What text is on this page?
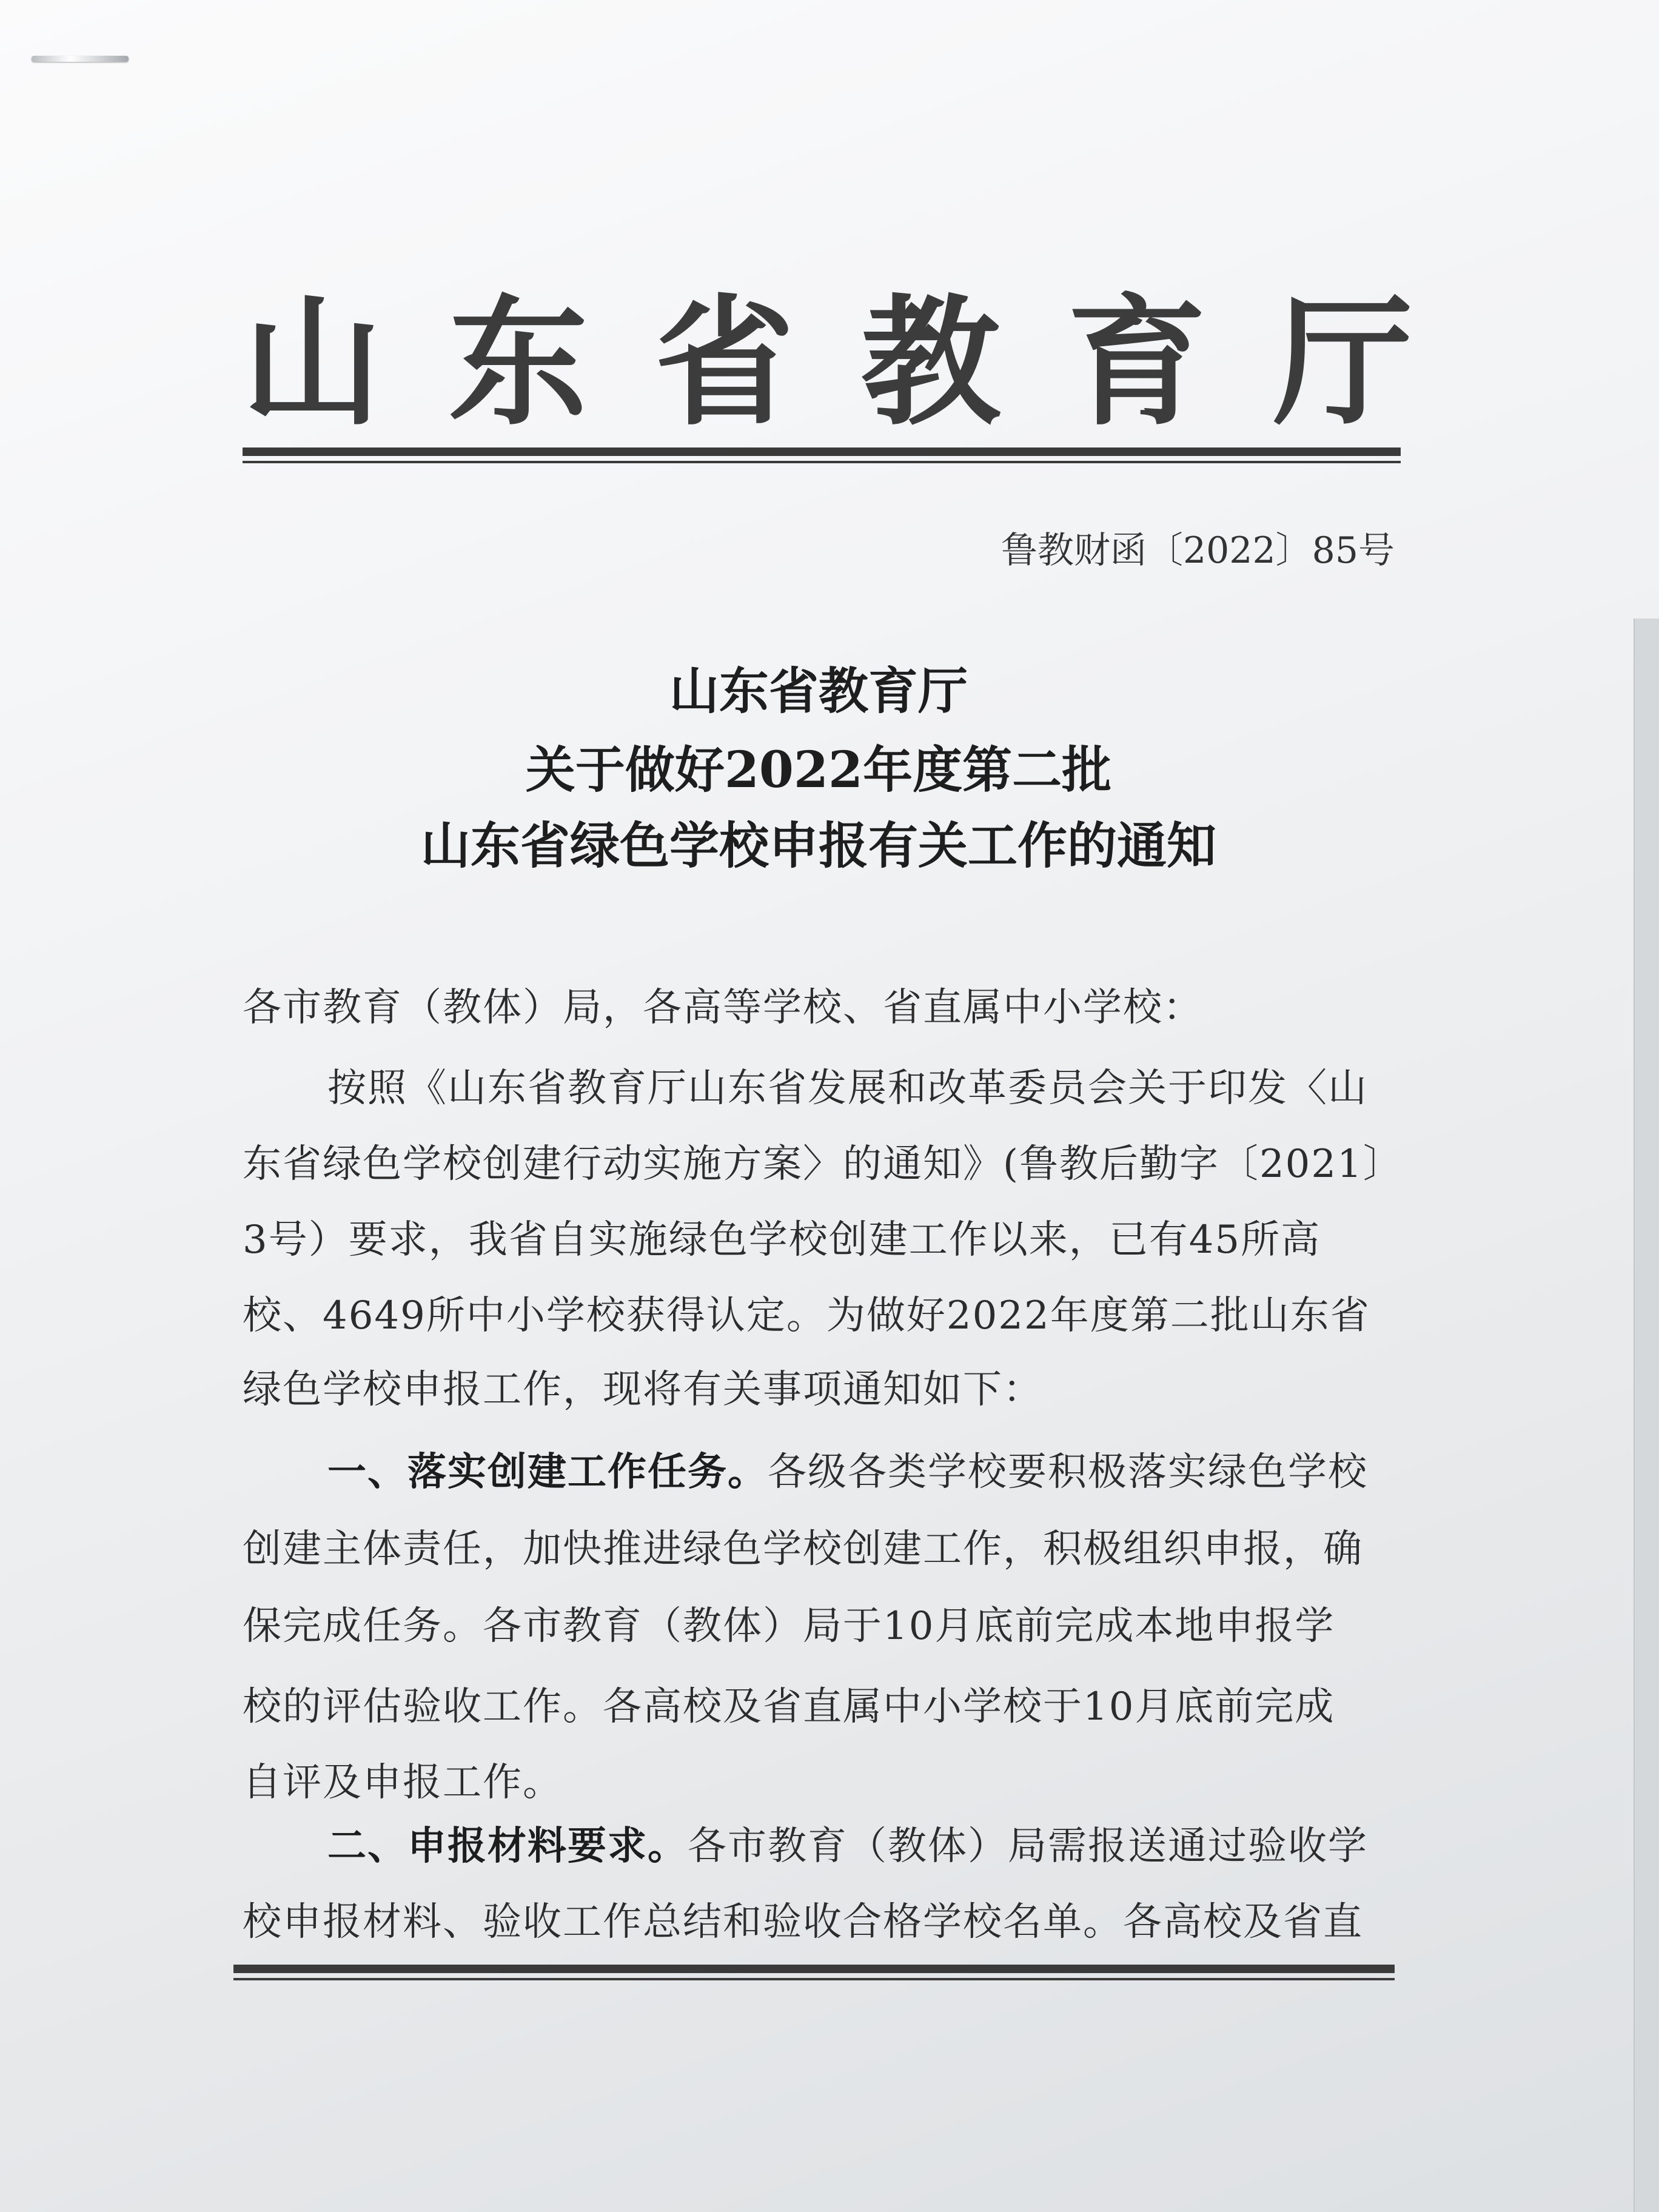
山 东 省 教 育 厅
鲁教财函〔2022〕85号
山东省教育厅
关于做好2022年度第二批
山东省绿色学校申报有关工作的通知
各市教育（教体）局，各高等学校、省直属中小学校：
按照《山东省教育厅山东省发展和改革委员会关于印发〈山
东省绿色学校创建行动实施方案〉的通知》(鲁教后勤字〔2021〕
3号）要求，我省自实施绿色学校创建工作以来，已有45所高
校、4649所中小学校获得认定。为做好2022年度第二批山东省
绿色学校申报工作，现将有关事项通知如下：
一、落实创建工作任务。各级各类学校要积极落实绿色学校
创建主体责任，加快推进绿色学校创建工作，积极组织申报，确
保完成任务。各市教育（教体）局于10月底前完成本地申报学
校的评估验收工作。各高校及省直属中小学校于10月底前完成
自评及申报工作。
二、申报材料要求。各市教育（教体）局需报送通过验收学
校申报材料、验收工作总结和验收合格学校名单。各高校及省直
